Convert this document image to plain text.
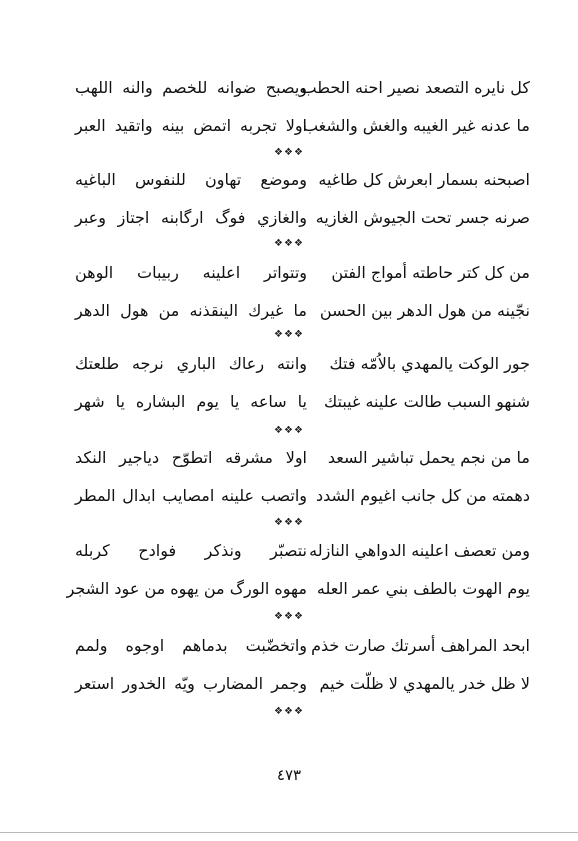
كل نايره التصعد نصير احنه الحطب
ويصبح ضوانه للخصم والنه اللهب
ما عدنه غير الغيبه والغش والشغب
اولا تجربه اتمض بينه واتقيد العبر
❖❖❖
اصبحنه بسمار ابعرش كل طاغيه
وموضع تهاون للنفوس الباغيه
صرنه جسر تحت الجيوش الغازيه
والغازي فوگ ارگابنه اجتاز وعبر
❖❖❖
من كل كتر حاطته أمواج الفتن
وتتواتر اعلينه ربيبات الوهن
نجّينه من هول الدهر بين الحسن
ما غيرك الينقذنه من هول الدهر
❖❖❖
جور الوكت يالمهدي بالاُمّه فتك
وانته رعاك الباري نرجه طلعتك
شنهو السبب طالت علينه غيبتك
يا ساعه يا يوم البشاره يا شهر
❖❖❖
ما من نجم يحمل تباشير السعد
اولا مشرقه اتطوّح دياجير النكد
دهمته من كل جانب اغيوم الشدد
واتصب علينه امصايب ابدال المطر
❖❖❖
ومن تعصف اعلينه الدواهي النازله
نتصبّر ونذكر فوادح كربله
يوم الهوت بالطف بني عمر العله
مهوه الورگ من يهوه من عود الشجر
❖❖❖
ابحد المراهف أسرتك صارت خذم
واتخضّبت بدماهم اوجوه ولمم
لا ظل خدر يالمهدي لا ظلّت خيم
وجمر المضارب ويّه الخدور استعر
❖❖❖
٤٧٣
